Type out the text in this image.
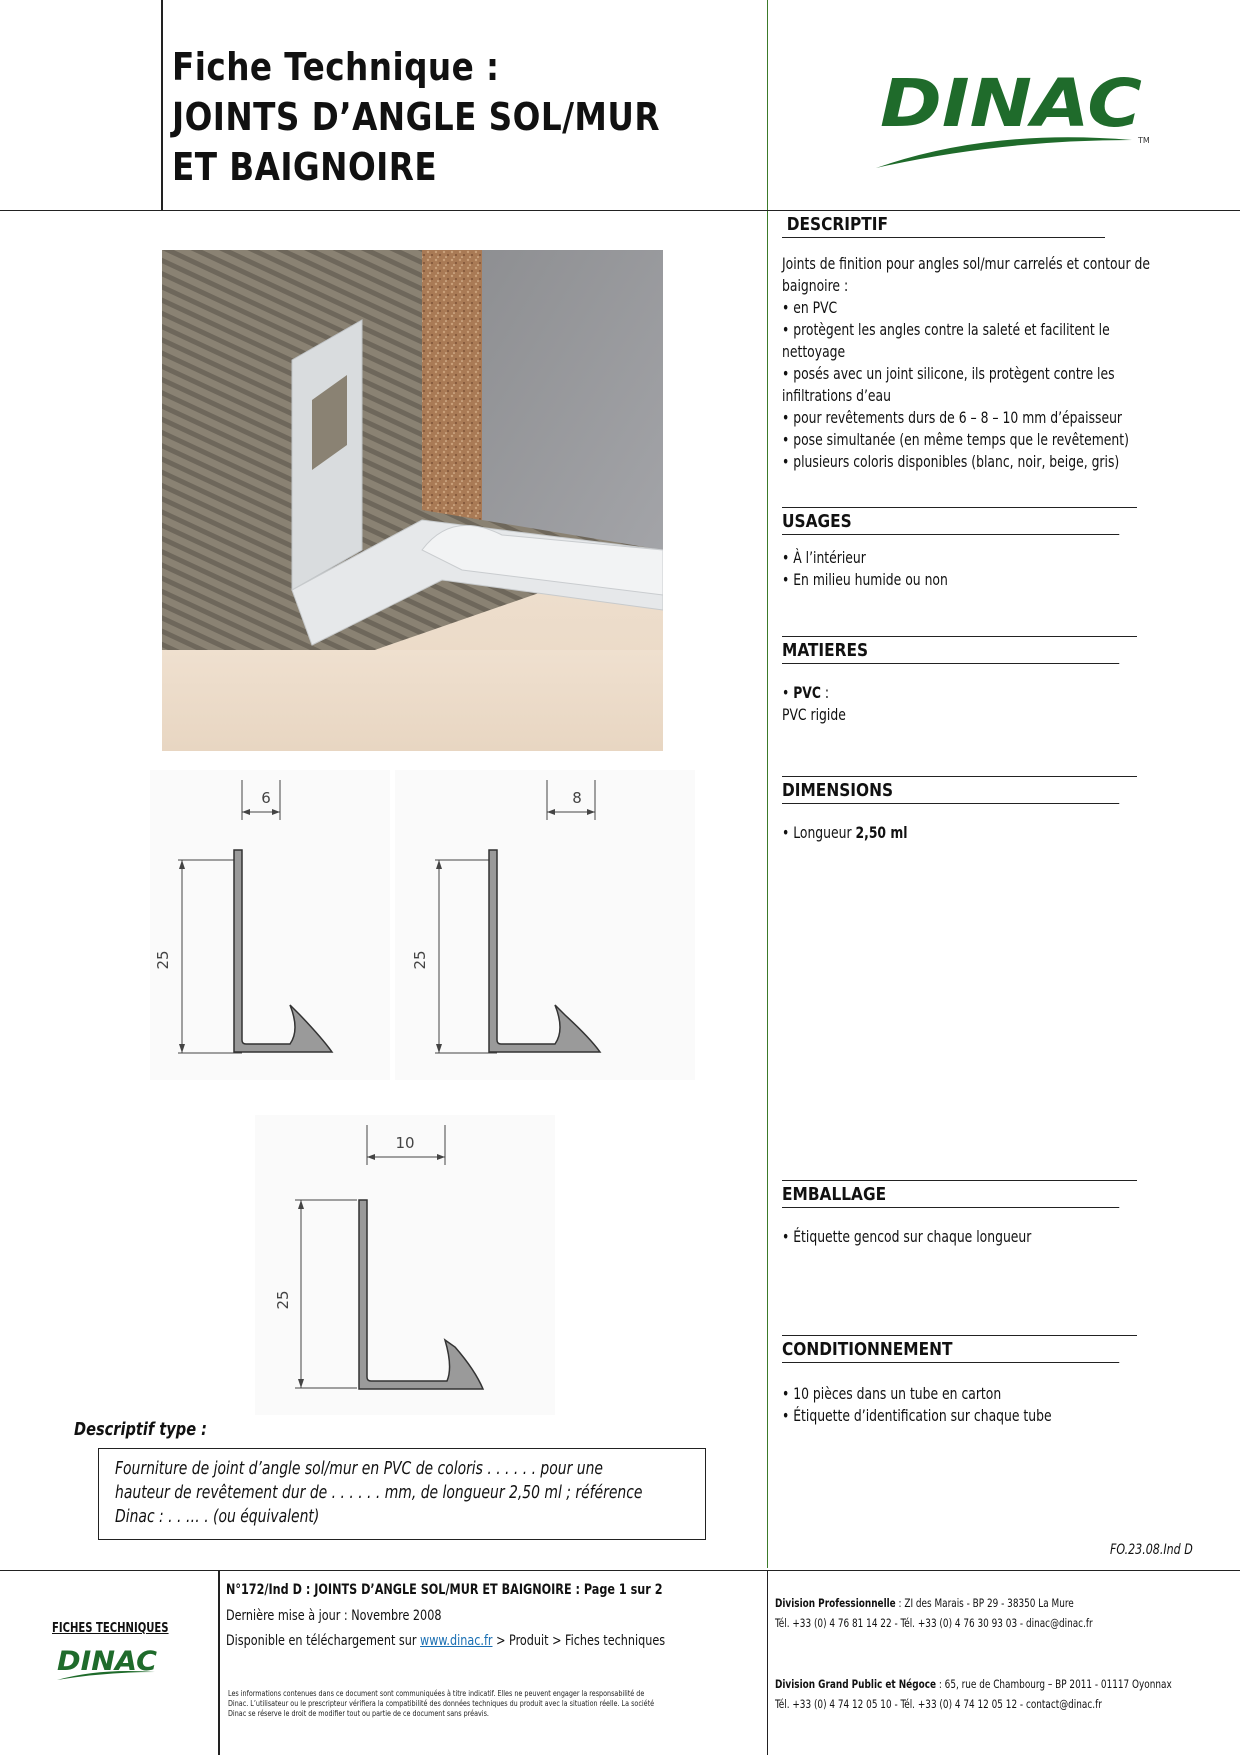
Fiche Technique :
JOINTS D’ANGLE SOL/MUR
ET BAIGNOIRE
DINAC
TM
6
25
8
25
10
25
DESCRIPTIF
Joints de finition pour angles sol/mur carrelés et contour de
baignoire :
• en PVC
• protègent les angles contre la saleté et facilitent le
nettoyage
• posés avec un joint silicone, ils protègent contre les
infiltrations d’eau
• pour revêtements durs de 6 – 8 – 10 mm d’épaisseur
• pose simultanée (en même temps que le revêtement)
• plusieurs coloris disponibles (blanc, noir, beige, gris)
USAGES
• À l’intérieur
• En milieu humide ou non
MATIERES
• PVC :
PVC rigide
DIMENSIONS
• Longueur 2,50 ml
EMBALLAGE
• Étiquette gencod sur chaque longueur
CONDITIONNEMENT
• 10 pièces dans un tube en carton
• Étiquette d’identification sur chaque tube
Descriptif type :
Fourniture de joint d’angle sol/mur en PVC de coloris . . . . . . pour une
hauteur de revêtement dur de . . . . . . mm, de longueur 2,50 ml ; référence
Dinac : . . … . (ou équivalent)
FO.23.08.Ind D
FICHES TECHNIQUES
DINAC
N°172/Ind D : JOINTS D’ANGLE SOL/MUR ET BAIGNOIRE : Page 1 sur 2
Dernière mise à jour : Novembre 2008
Disponible en téléchargement sur www.dinac.fr > Produit > Fiches techniques
Les informations contenues dans ce document sont communiquées à titre indicatif. Elles ne peuvent engager la responsabilité de
Dinac. L’utilisateur ou le prescripteur vérifiera la compatibilité des données techniques du produit avec la situation réelle. La société
Dinac se réserve le droit de modifier tout ou partie de ce document sans préavis.
Division Professionnelle : ZI des Marais - BP 29 - 38350 La Mure
Tél. +33 (0) 4 76 81 14 22 - Tél. +33 (0) 4 76 30 93 03 - dinac@dinac.fr
Division Grand Public et Négoce : 65, rue de Chambourg – BP 2011 - 01117 Oyonnax
Tél. +33 (0) 4 74 12 05 10 - Tél. +33 (0) 4 74 12 05 12 - contact@dinac.fr
